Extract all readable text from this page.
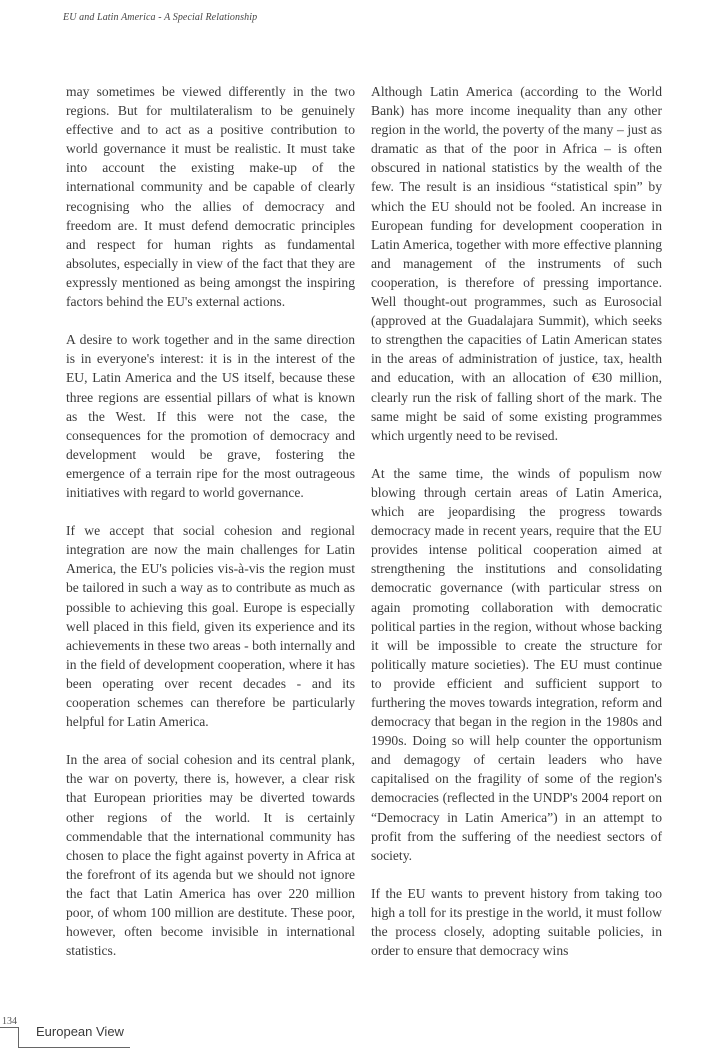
EU and Latin America - A Special Relationship

may sometimes be viewed differently in the two regions. But for multilateralism to be genuinely effective and to act as a positive contribution to world governance it must be realistic. It must take into account the existing make-up of the international community and be capable of clearly recognising who the allies of democracy and freedom are. It must defend democratic principles and respect for human rights as fundamental absolutes, especially in view of the fact that they are expressly mentioned as being amongst the inspiring factors behind the EU's external actions.

A desire to work together and in the same direction is in everyone's interest: it is in the interest of the EU, Latin America and the US itself, because these three regions are essential pillars of what is known as the West. If this were not the case, the consequences for the promotion of democracy and development would be grave, fostering the emergence of a terrain ripe for the most outrageous initiatives with regard to world governance.

If we accept that social cohesion and regional integration are now the main challenges for Latin America, the EU's policies vis-à-vis the region must be tailored in such a way as to contribute as much as possible to achieving this goal. Europe is especially well placed in this field, given its experience and its achievements in these two areas - both internally and in the field of development cooperation, where it has been operating over recent decades - and its cooperation schemes can therefore be particularly helpful for Latin America.

In the area of social cohesion and its central plank, the war on poverty, there is, however, a clear risk that European priorities may be diverted towards other regions of the world. It is certainly commendable that the international community has chosen to place the fight against poverty in Africa at the forefront of its agenda but we should not ignore the fact that Latin America has over 220 million poor, of whom 100 million are destitute. These poor, however, often become invisible in international statistics.

Although Latin America (according to the World Bank) has more income inequality than any other region in the world, the poverty of the many – just as dramatic as that of the poor in Africa – is often obscured in national statistics by the wealth of the few. The result is an insidious “statistical spin” by which the EU should not be fooled. An increase in European funding for development cooperation in Latin America, together with more effective planning and management of the instruments of such cooperation, is therefore of pressing importance. Well thought-out programmes, such as Eurosocial (approved at the Guadalajara Summit), which seeks to strengthen the capacities of Latin American states in the areas of administration of justice, tax, health and education, with an allocation of €30 million, clearly run the risk of falling short of the mark. The same might be said of some existing programmes which urgently need to be revised.

At the same time, the winds of populism now blowing through certain areas of Latin America, which are jeopardising the progress towards democracy made in recent years, require that the EU provides intense political cooperation aimed at strengthening the institutions and consolidating democratic governance (with particular stress on again promoting collaboration with democratic political parties in the region, without whose backing it will be impossible to create the structure for politically mature societies). The EU must continue to provide efficient and sufficient support to furthering the moves towards integration, reform and democracy that began in the region in the 1980s and 1990s. Doing so will help counter the opportunism and demagogy of certain leaders who have capitalised on the fragility of some of the region's democracies (reflected in the UNDP's 2004 report on “Democracy in Latin America”) in an attempt to profit from the suffering of the neediest sectors of society.

If the EU wants to prevent history from taking too high a toll for its prestige in the world, it must follow the process closely, adopting suitable policies, in order to ensure that democracy wins

134
European View
